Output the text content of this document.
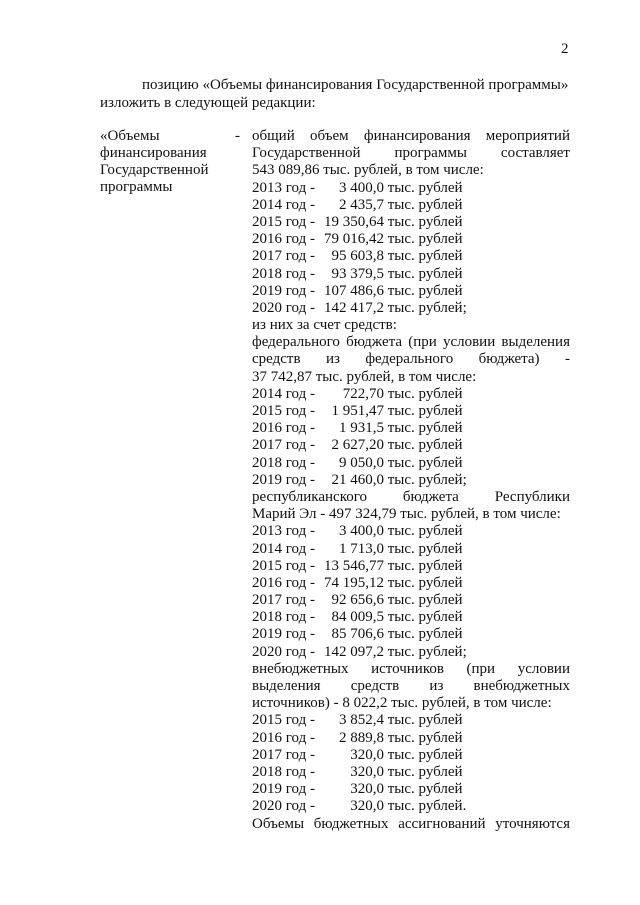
2
позицию «Объемы финансирования Государственной программы»
изложить в следующей редакции:
«Объемы
финансирования
Государственной
программы
- общий объем финансирования мероприятий
Государственной программы составляет
543 089,86 тыс. рублей, в том числе:
2013 год - 3 400,0 тыс. рублей
2014 год - 2 435,7 тыс. рублей
2015 год - 19 350,64 тыс. рублей
2016 год - 79 016,42 тыс. рублей
2017 год - 95 603,8 тыс. рублей
2018 год - 93 379,5 тыс. рублей
2019 год - 107 486,6 тыс. рублей
2020 год - 142 417,2 тыс. рублей;
из них за счет средств:
федерального бюджета (при условии выделения
средств из федерального бюджета) -
37 742,87 тыс. рублей, в том числе:
2014 год - 722,70 тыс. рублей
2015 год - 1 951,47 тыс. рублей
2016 год - 1 931,5 тыс. рублей
2017 год - 2 627,20 тыс. рублей
2018 год - 9 050,0 тыс. рублей
2019 год - 21 460,0 тыс. рублей;
республиканского бюджета Республики
Марий Эл - 497 324,79 тыс. рублей, в том числе:
2013 год - 3 400,0 тыс. рублей
2014 год - 1 713,0 тыс. рублей
2015 год - 13 546,77 тыс. рублей
2016 год - 74 195,12 тыс. рублей
2017 год - 92 656,6 тыс. рублей
2018 год - 84 009,5 тыс. рублей
2019 год - 85 706,6 тыс. рублей
2020 год - 142 097,2 тыс. рублей;
внебюджетных источников (при условии
выделения средств из внебюджетных
источников) - 8 022,2 тыс. рублей, в том числе:
2015 год - 3 852,4 тыс. рублей
2016 год - 2 889,8 тыс. рублей
2017 год - 320,0 тыс. рублей
2018 год - 320,0 тыс. рублей
2019 год - 320,0 тыс. рублей
2020 год - 320,0 тыс. рублей.
Объемы бюджетных ассигнований уточняются
